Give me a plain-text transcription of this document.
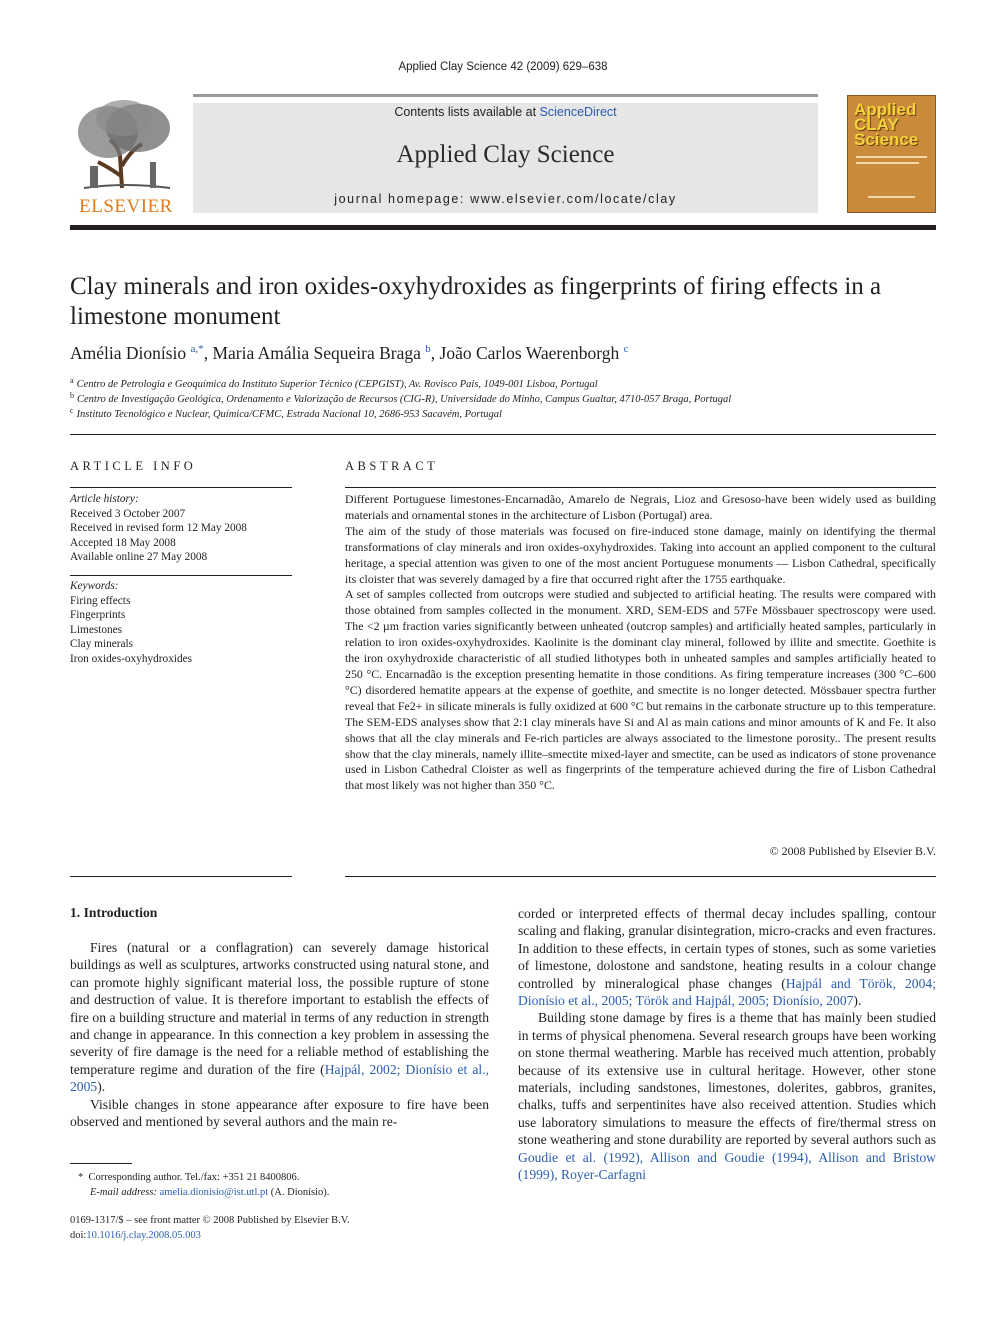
Applied Clay Science 42 (2009) 629–638
ELSEVIER
Contents lists available at ScienceDirect
Applied Clay Science
journal homepage: www.elsevier.com/locate/clay
Applied CLAY Science
Clay minerals and iron oxides-oxyhydroxides as fingerprints of firing effects in a limestone monument
Amélia Dionísio $^{a,*}$, Maria Amália Sequeira Braga $^b$, João Carlos Waerenborgh $^c$
$^a$ Centro de Petrologia e Geoquímica do Instituto Superior Técnico (CEPGIST), Av. Rovisco Pais, 1049-001 Lisboa, Portugal
$^b$ Centro de Investigação Geológica, Ordenamento e Valorização de Recursos (CIG-R), Universidade do Minho, Campus Gualtar, 4710-057 Braga, Portugal
$^c$ Instituto Tecnológico e Nuclear, Química/CFMC, Estrada Nacional 10, 2686-953 Sacavém, Portugal
ARTICLE INFO
Article history:
Received 3 October 2007
Received in revised form 12 May 2008
Accepted 18 May 2008
Available online 27 May 2008
Keywords:
Firing effects
Fingerprints
Limestones
Clay minerals
Iron oxides-oxyhydroxides
ABSTRACT

Different Portuguese limestones-Encarnadão, Amarelo de Negrais, Lioz and Gresoso-have been widely used as building materials and ornamental stones in the architecture of Lisbon (Portugal) area.

The aim of the study of those materials was focused on fire-induced stone damage, mainly on identifying the thermal transformations of clay minerals and iron oxides-oxyhydroxides. Taking into account an applied component to the cultural heritage, a special attention was given to one of the most ancient Portuguese monuments — Lisbon Cathedral, specifically its cloister that was severely damaged by a fire that occurred right after the 1755 earthquake.

A set of samples collected from outcrops were studied and subjected to artificial heating. The results were compared with those obtained from samples collected in the monument. XRD, SEM-EDS and 57Fe Mössbauer spectroscopy were used. The <2 µm fraction varies significantly between unheated (outcrop samples) and artificially heated samples, particularly in relation to iron oxides-oxyhydroxides. Kaolinite is the dominant clay mineral, followed by illite and smectite. Goethite is the iron oxyhydroxide characteristic of all studied lithotypes both in unheated samples and samples artificially heated to 250 °C. Encarnadão is the exception presenting hematite in those conditions. As firing temperature increases (300 °C–600 °C) disordered hematite appears at the expense of goethite, and smectite is no longer detected. Mössbauer spectra further reveal that Fe2+ in silicate minerals is fully oxidized at 600 °C but remains in the carbonate structure up to this temperature. The SEM-EDS analyses show that 2:1 clay minerals have Si and Al as main cations and minor amounts of K and Fe. It also shows that all the clay minerals and Fe-rich particles are always associated to the limestone porosity.. The present results show that the clay minerals, namely illite–smectite mixed-layer and smectite, can be used as indicators of stone provenance used in Lisbon Cathedral Cloister as well as fingerprints of the temperature achieved during the fire of Lisbon Cathedral that most likely was not higher than 350 °C.

© 2008 Published by Elsevier B.V.
1. Introduction

Fires (natural or a conflagration) can severely damage historical buildings as well as sculptures, artworks constructed using natural stone, and can promote highly significant material loss, the possible rupture of stone and destruction of value. It is therefore important to establish the effects of fire on a building structure and material in terms of any reduction in strength and change in appearance. In this connection a key problem in assessing the severity of fire damage is the need for a reliable method of establishing the temperature regime and duration of the fire (Hajpál, 2002; Dionísio et al., 2005).

Visible changes in stone appearance after exposure to fire have been observed and mentioned by several authors and the main re-

corded or interpreted effects of thermal decay includes spalling, contour scaling and flaking, granular disintegration, micro-cracks and even fractures. In addition to these effects, in certain types of stones, such as some varieties of limestone, dolostone and sandstone, heating results in a colour change controlled by mineralogical phase changes (Hajpál and Török, 2004; Dionísio et al., 2005; Török and Hajpál, 2005; Dionísio, 2007).

Building stone damage by fires is a theme that has mainly been studied in terms of physical phenomena. Several research groups have been working on stone thermal weathering. Marble has received much attention, probably because of its extensive use in cultural heritage. However, other stone materials, including sandstones, limestones, dolerites, gabbros, granites, chalks, tuffs and serpentinites have also received attention. Studies which use laboratory simulations to measure the effects of fire/thermal stress on stone weathering and stone durability are reported by several authors such as Goudie et al. (1992), Allison and Goudie (1994), Allison and Bristow (1999), Royer-Carfagni

*  Corresponding author. Tel./fax: +351 21 8400806.
E-mail address: amelia.dionisio@ist.utl.pt (A. Dionísio).
0169-1317/$ – see front matter © 2008 Published by Elsevier B.V.
doi:10.1016/j.clay.2008.05.003
